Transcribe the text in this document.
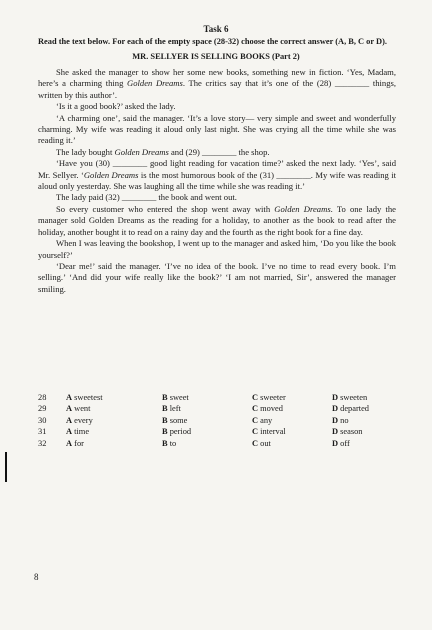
Task 6
Read the text below. For each of the empty space (28-32) choose the correct answer (A, B, C or D).
MR. SELLYER IS SELLING BOOKS (Part 2)

She asked the manager to show her some new books, something new in fiction. ‘Yes, Madam, here’s a charming thing Golden Dreams. The critics say that it’s one of the (28) ________ things, written by this author’.

‘Is it a good book?’ asked the lady.

‘A charming one’, said the manager. ‘It’s a love story— very simple and sweet and wonderfully charming. My wife was reading it aloud only last night. She was crying all the time while she was reading it.’

The lady bought Golden Dreams and (29) ________ the shop.

‘Have you (30) ________ good light reading for vacation time?’ asked the next lady. ‘Yes’, said Mr. Sellyer. ‘Golden Dreams is the most humorous book of the (31) ________. My wife was reading it aloud only yesterday. She was laughing all the time while she was reading it.’

The lady paid (32) ________ the book and went out.

So every customer who entered the shop went away with Golden Dreams. To one lady the manager sold Golden Dreams as the reading for a holiday, to another as the book to read after the holiday, another bought it to read on a rainy day and the fourth as the right book for a fine day.

When I was leaving the bookshop, I went up to the manager and asked him, ‘Do you like the book yourself?’

‘Dear me!’ said the manager. ‘I’ve no idea of the book. I’ve no time to read every book. I’m selling.’ ‘And did your wife really like the book?’ ‘I am not married, Sir’, answered the manager smiling.

28	A sweetest	B sweet	C sweeter	D sweeten
29	A went	B left	C moved	D departed
30	A every	B some	C any	D no
31	A time	B period	C interval	D season
32	A for	B to	C out	D off
8
